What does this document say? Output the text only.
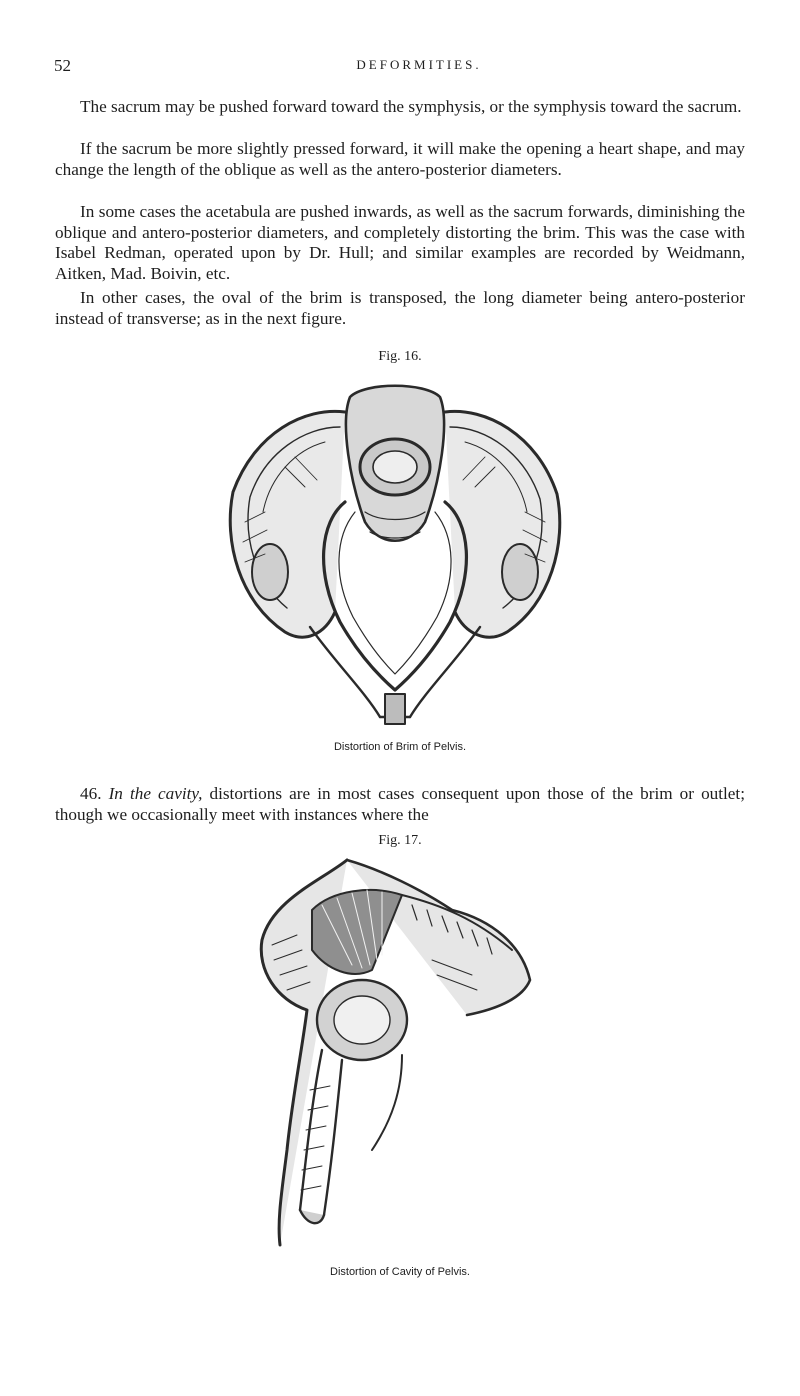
52	DEFORMITIES.

The sacrum may be pushed forward toward the symphysis, or the symphysis toward the sacrum.

If the sacrum be more slightly pressed forward, it will make the opening a heart shape, and may change the length of the oblique as well as the antero-posterior diameters.

In some cases the acetabula are pushed inwards, as well as the sacrum forwards, diminishing the oblique and antero-posterior diameters, and completely distorting the brim. This was the case with Isabel Redman, operated upon by Dr. Hull; and similar examples are recorded by Weidmann, Aitken, Mad. Boivin, etc.

In other cases, the oval of the brim is transposed, the long diameter being antero-posterior instead of transverse; as in the next figure.

Fig. 16.

Distortion of Brim of Pelvis.

46. In the cavity, distortions are in most cases consequent upon those of the brim or outlet; though we occasionally meet with instances where the

Fig. 17.

Distortion of Cavity of Pelvis.
